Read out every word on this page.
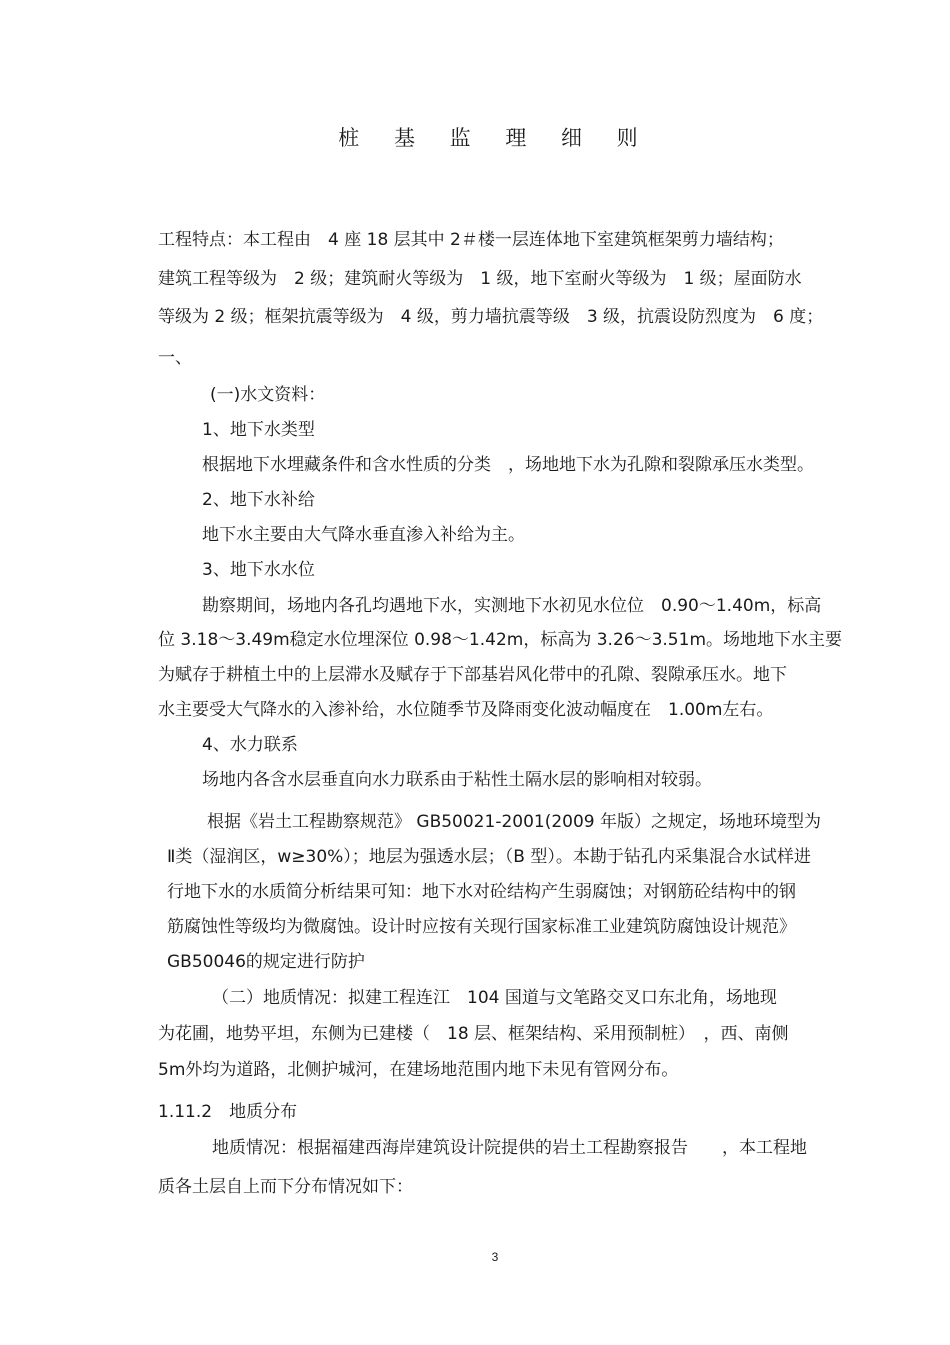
桩 基 监 理 细 则
工程特点：本工程由　4 座 18 层其中 2＃楼一层连体地下室建筑框架剪力墙结构；
建筑工程等级为　2 级；建筑耐火等级为　1 级，地下室耐火等级为　1 级；屋面防水
等级为 2 级；框架抗震等级为　4 级，剪力墙抗震等级　3 级，抗震设防烈度为　6 度；
一、
(一)水文资料：
1、地下水类型
根据地下水埋藏条件和含水性质的分类　，场地地下水为孔隙和裂隙承压水类型。
2、地下水补给
地下水主要由大气降水垂直渗入补给为主。
3、地下水水位
勘察期间，场地内各孔均遇地下水，实测地下水初见水位位　0.90～1.40m，标高
位 3.18～3.49m稳定水位埋深位 0.98～1.42m，标高为 3.26～3.51m。场地地下水主要
为赋存于耕植土中的上层滞水及赋存于下部基岩风化带中的孔隙、裂隙承压水。地下
水主要受大气降水的入渗补给，水位随季节及降雨变化波动幅度在　1.00m左右。
4、水力联系
场地内各含水层垂直向水力联系由于粘性土隔水层的影响相对较弱。
根据《岩土工程勘察规范》 GB50021-2001(2009 年版）之规定，场地环境型为
Ⅱ类（湿润区，w≥30%）；地层为强透水层；（B 型）。本勘于钻孔内采集混合水试样进
行地下水的水质简分析结果可知：地下水对砼结构产生弱腐蚀；对钢筋砼结构中的钢
筋腐蚀性等级均为微腐蚀。设计时应按有关现行国家标准工业建筑防腐蚀设计规范》
GB50046的规定进行防护
（二）地质情况：拟建工程连江　104 国道与文笔路交叉口东北角，场地现
为花圃，地势平坦，东侧为已建楼（　18 层、框架结构、采用预制桩）　，西、南侧
5m外均为道路，北侧护城河，在建场地范围内地下未见有管网分布。
1.11.2　地质分布
地质情况：根据福建西海岸建筑设计院提供的岩土工程勘察报告　　，本工程地
质各土层自上而下分布情况如下：
3
